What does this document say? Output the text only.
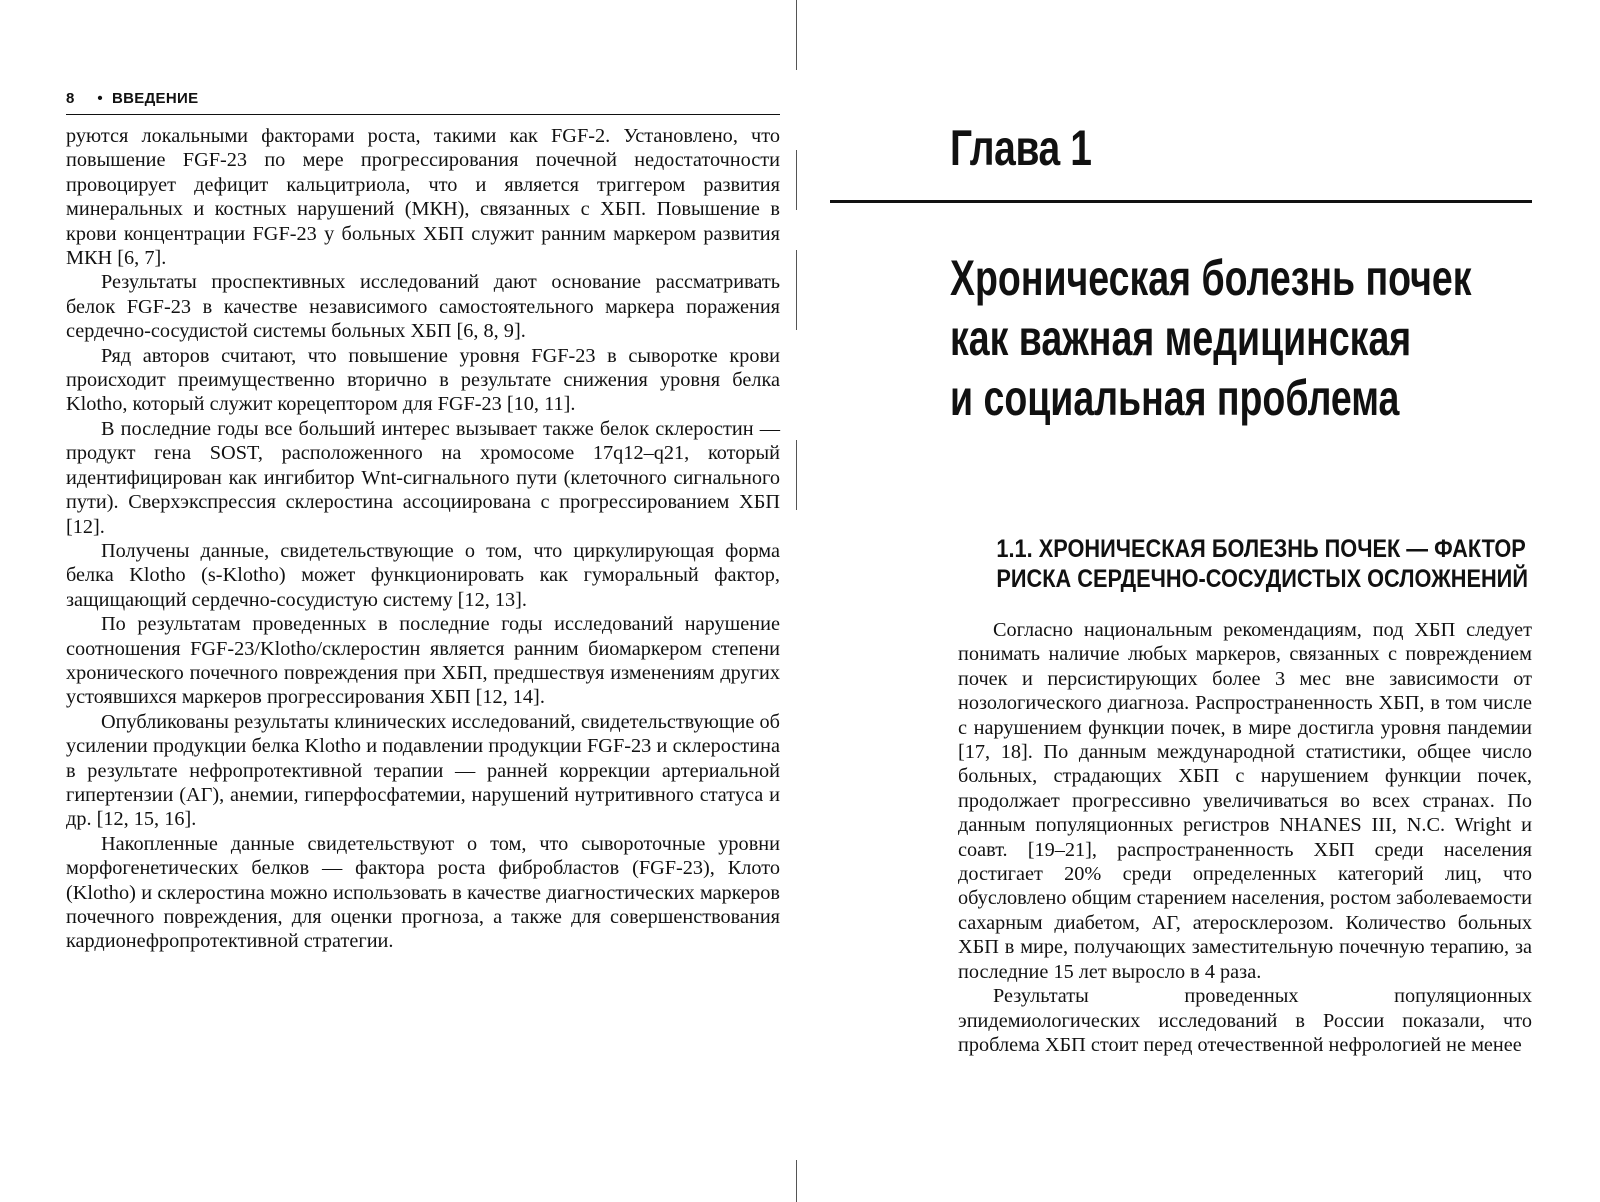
8 • ВВЕДЕНИЕ

руются локальными факторами роста, такими как FGF-2. Установлено, что повышение FGF-23 по мере прогрессирования почечной недостаточности провоцирует дефицит кальцитриола, что и является триггером развития минеральных и костных нарушений (МКН), связанных с ХБП. Повышение в крови концентрации FGF-23 у больных ХБП служит ранним маркером развития МКН [6, 7].

Результаты проспективных исследований дают основание рассматривать белок FGF-23 в качестве независимого самостоятельного маркера поражения сердечно-сосудистой системы больных ХБП [6, 8, 9].

Ряд авторов считают, что повышение уровня FGF-23 в сыворотке крови происходит преимущественно вторично в результате снижения уровня белка Klotho, который служит корецептором для FGF-23 [10, 11].

В последние годы все больший интерес вызывает также белок склеростин — продукт гена SOST, расположенного на хромосоме 17q12–q21, который идентифицирован как ингибитор Wnt-сигнального пути (клеточного сигнального пути). Сверхэкспрессия склеростина ассоциирована с прогрессированием ХБП [12].

Получены данные, свидетельствующие о том, что циркулирующая форма белка Klotho (s-Klotho) может функционировать как гуморальный фактор, защищающий сердечно-сосудистую систему [12, 13].

По результатам проведенных в последние годы исследований нарушение соотношения FGF-23/Klotho/склеростин является ранним биомаркером степени хронического почечного повреждения при ХБП, предшествуя изменениям других устоявшихся маркеров прогрессирования ХБП [12, 14].

Опубликованы результаты клинических исследований, свидетельствующие об усилении продукции белка Klotho и подавлении продукции FGF-23 и склеростина в результате нефропротективной терапии — ранней коррекции артериальной гипертензии (АГ), анемии, гиперфосфатемии, нарушений нутритивного статуса и др. [12, 15, 16].

Накопленные данные свидетельствуют о том, что сывороточные уровни морфогенетических белков — фактора роста фибробластов (FGF-23), Клото (Klotho) и склеростина можно использовать в качестве диагностических маркеров почечного повреждения, для оценки прогноза, а также для совершенствования кардионефропротективной стратегии.

Глава 1
Хроническая болезнь почек
как важная медицинская
и социальная проблема
1.1. ХРОНИЧЕСКАЯ БОЛЕЗНЬ ПОЧЕК — ФАКТОР
РИСКА СЕРДЕЧНО-СОСУДИСТЫХ ОСЛОЖНЕНИЙ

Согласно национальным рекомендациям, под ХБП следует понимать наличие любых маркеров, связанных с повреждением почек и персистирующих более 3 мес вне зависимости от нозологического диагноза. Распространенность ХБП, в том числе с нарушением функции почек, в мире достигла уровня пандемии [17, 18]. По данным международной статистики, общее число больных, страдающих ХБП с нарушением функции почек, продолжает прогрессивно увеличиваться во всех странах. По данным популяционных регистров NHANES III, N.C. Wright и соавт. [19–21], распространенность ХБП среди населения достигает 20% среди определенных категорий лиц, что обусловлено общим старением населения, ростом заболеваемости сахарным диабетом, АГ, атеросклерозом. Количество больных ХБП в мире, получающих заместительную почечную терапию, за последние 15 лет выросло в 4 раза.

Результаты проведенных популяционных эпидемиологических исследований в России показали, что проблема ХБП стоит перед отечественной нефрологией не менее
